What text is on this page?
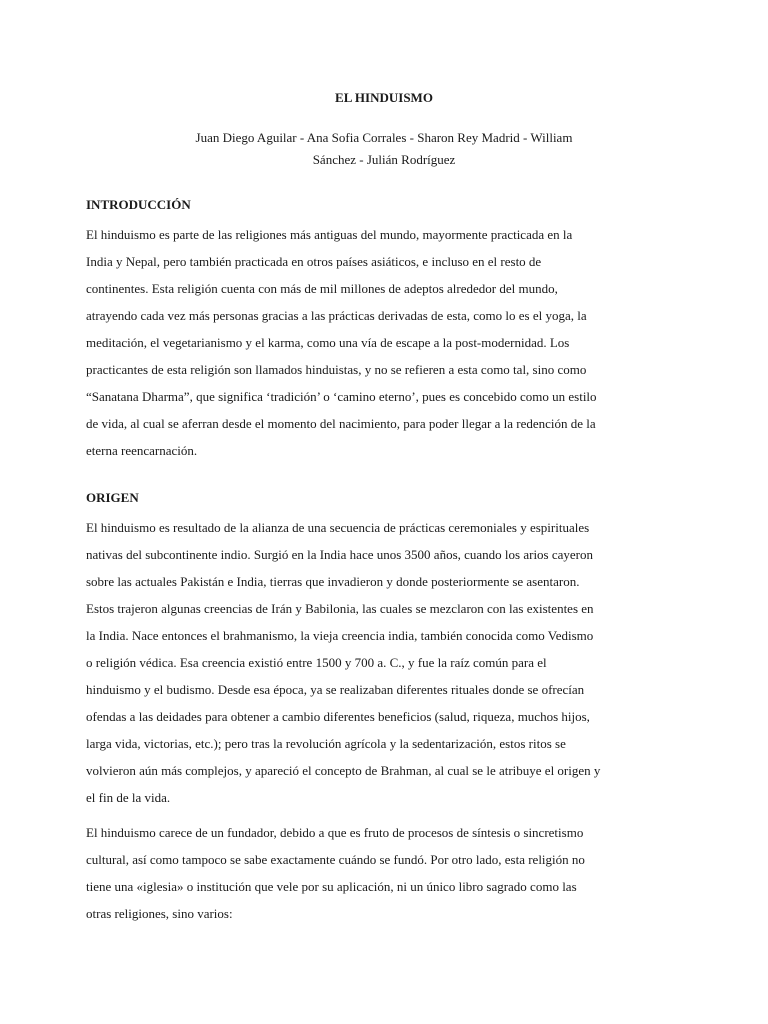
EL HINDUISMO
Juan Diego Aguilar - Ana Sofia Corrales - Sharon Rey Madrid - William
Sánchez - Julián Rodríguez
INTRODUCCIÓN
El hinduismo es parte de las religiones más antiguas del mundo, mayormente practicada en la
India y Nepal, pero también practicada en otros países asiáticos, e incluso en el resto de
continentes. Esta religión cuenta con más de mil millones de adeptos alrededor del mundo,
atrayendo cada vez más personas gracias a las prácticas derivadas de esta, como lo es el yoga, la
meditación, el vegetarianismo y el karma, como una vía de escape a la post-modernidad. Los
practicantes de esta religión son llamados hinduistas, y no se refieren a esta como tal, sino como
“Sanatana Dharma”, que significa ‘tradición’ o ‘camino eterno’, pues es concebido como un estilo
de vida, al cual se aferran desde el momento del nacimiento, para poder llegar a la redención de la
eterna reencarnación.
ORIGEN
El hinduismo es resultado de la alianza de una secuencia de prácticas ceremoniales y espirituales
nativas del subcontinente indio. Surgió en la India hace unos 3500 años, cuando los arios cayeron
sobre las actuales Pakistán e India, tierras que invadieron y donde posteriormente se asentaron.
Estos trajeron algunas creencias de Irán y Babilonia, las cuales se mezclaron con las existentes en
la India. Nace entonces el brahmanismo, la vieja creencia india, también conocida como Vedismo
o religión védica. Esa creencia existió entre 1500 y 700 a. C., y fue la raíz común para el
hinduismo y el budismo. Desde esa época, ya se realizaban diferentes rituales donde se ofrecían
ofendas a las deidades para obtener a cambio diferentes beneficios (salud, riqueza, muchos hijos,
larga vida, victorias, etc.); pero tras la revolución agrícola y la sedentarización, estos ritos se
volvieron aún más complejos, y apareció el concepto de Brahman, al cual se le atribuye el origen y
el fin de la vida.
El hinduismo carece de un fundador, debido a que es fruto de procesos de síntesis o sincretismo
cultural, así como tampoco se sabe exactamente cuándo se fundó. Por otro lado, esta religión no
tiene una «iglesia» o institución que vele por su aplicación, ni un único libro sagrado como las
otras religiones, sino varios:
